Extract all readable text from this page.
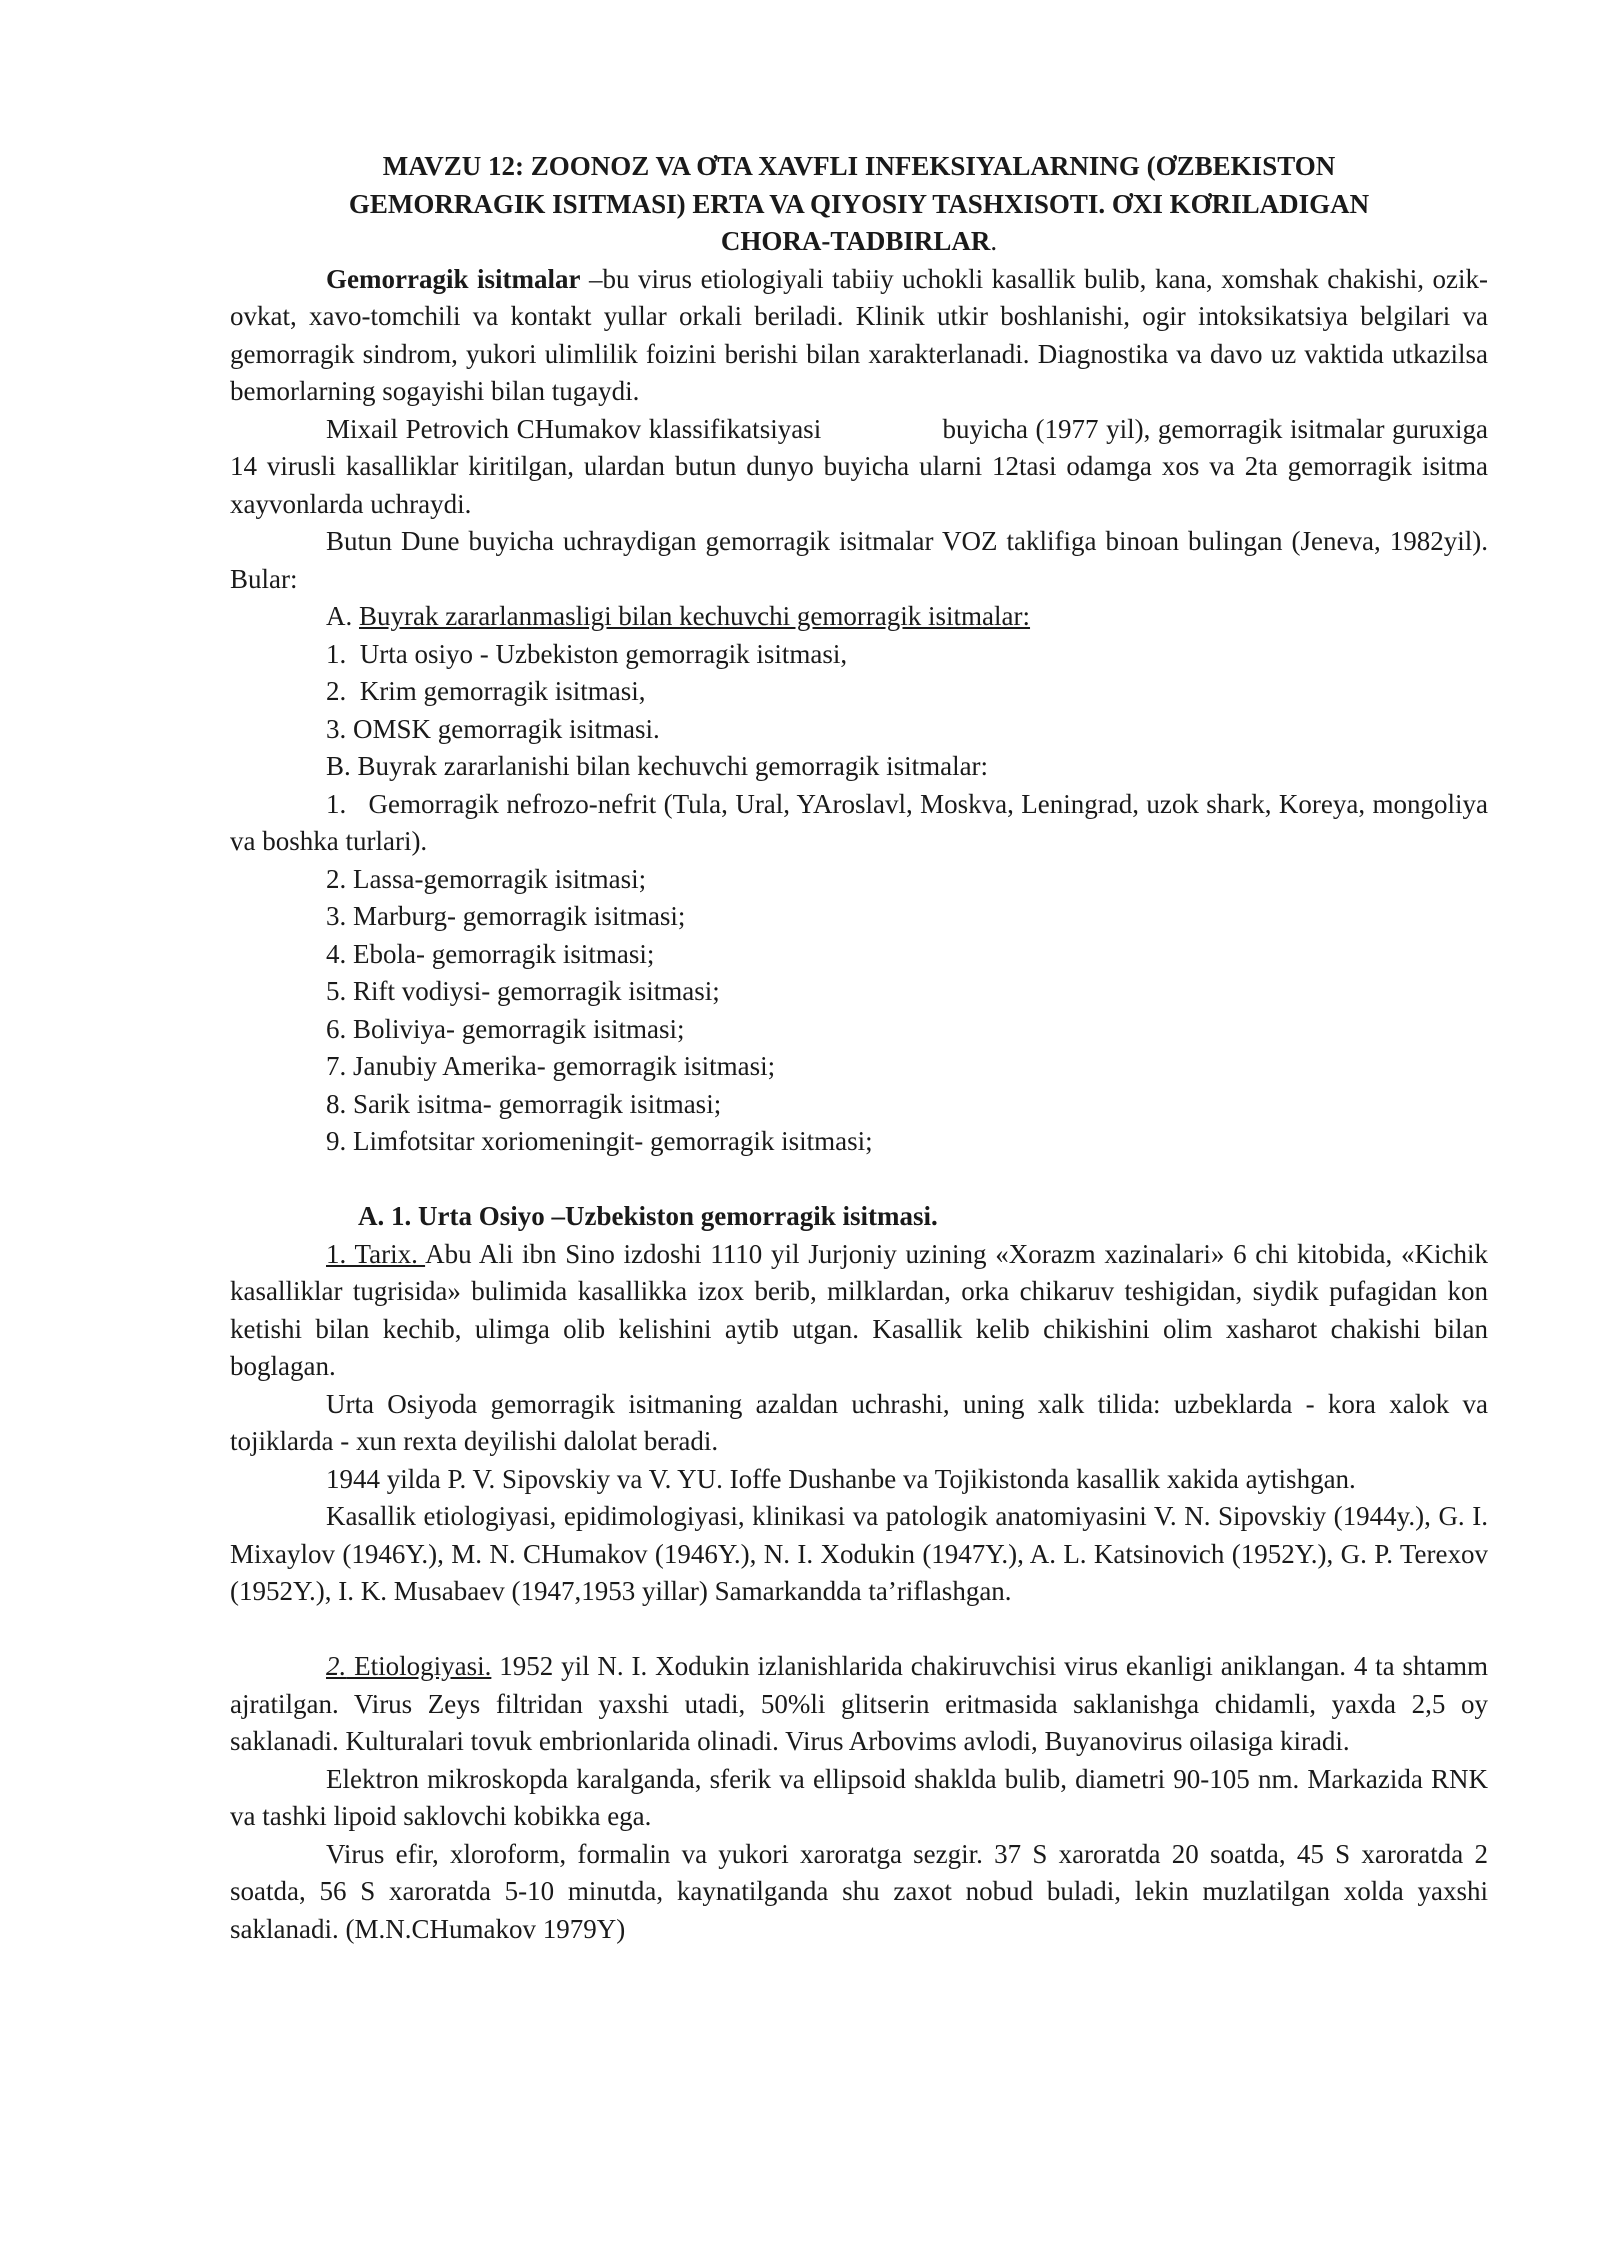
MAVZU 12: ZOONOZ VA ƠTA XAVFLI INFEKSIYALARNING (ƠZBEKISTON
GEMORRAGIK ISITMASI) ERTA VA QIYOSIY TASHXISOTI. ƠXI KƠRILADIGAN
CHORA-TADBIRLAR.

Gemorragik isitmalar –bu virus etiologiyali tabiiy uchokli kasallik bulib, kana, xomshak chakishi, ozik-ovkat, xavo-tomchili va kontakt yullar orkali beriladi. Klinik utkir boshlanishi, ogir intoksikatsiya belgilari va gemorragik sindrom, yukori ulimlilik foizini berishi bilan xarakterlanadi. Diagnostika va davo uz vaktida utkazilsa bemorlarning sogayishi bilan tugaydi.

Mixail Petrovich CHumakov klassifikatsiyasi                buyicha (1977 yil), gemorragik isitmalar guruxiga 14 virusli kasalliklar kiritilgan, ulardan butun dunyo buyicha ularni 12tasi odamga xos va 2ta gemorragik isitma xayvonlarda uchraydi.

Butun Dune buyicha uchraydigan gemorragik isitmalar VOZ taklifiga binoan bulingan (Jeneva, 1982yil). Bular:

A. Buyrak zararlanmasligi bilan kechuvchi gemorragik isitmalar:

1.  Urta osiyo - Uzbekiston gemorragik isitmasi,

2.  Krim gemorragik isitmasi,

3. OMSK gemorragik isitmasi.

B. Buyrak zararlanishi bilan kechuvchi gemorragik isitmalar:

1.   Gemorragik nefrozo-nefrit (Tula, Ural, YAroslavl, Moskva, Leningrad, uzok shark, Koreya, mongoliya va boshka turlari).

2. Lassa-gemorragik isitmasi;

3. Marburg- gemorragik isitmasi;

4. Ebola- gemorragik isitmasi;

5. Rift vodiysi- gemorragik isitmasi;

6. Boliviya- gemorragik isitmasi;

7. Janubiy Amerika- gemorragik isitmasi;

8. Sarik isitma- gemorragik isitmasi;

9. Limfotsitar xoriomeningit- gemorragik isitmasi;

A. 1. Urta Osiyo –Uzbekiston gemorragik isitmasi.

1. Tarix. Abu Ali ibn Sino izdoshi 1110 yil Jurjoniy uzining «Xorazm xazinalari» 6 chi kitobida, «Kichik kasalliklar tugrisida» bulimida kasallikka izox berib, milklardan, orka chikaruv teshigidan, siydik pufagidan kon ketishi bilan kechib, ulimga olib kelishini aytib utgan. Kasallik kelib chikishini olim xasharot chakishi bilan boglagan.

Urta Osiyoda gemorragik isitmaning azaldan uchrashi, uning xalk tilida: uzbeklarda - kora xalok va tojiklarda - xun rexta deyilishi dalolat beradi.

1944 yilda P. V. Sipovskiy va V. YU. Ioffe Dushanbe va Tojikistonda kasallik xakida aytishgan.

Kasallik etiologiyasi, epidimologiyasi, klinikasi va patologik anatomiyasini V. N. Sipovskiy (1944y.), G. I. Mixaylov (1946Y.), M. N. CHumakov (1946Y.), N. I. Xodukin (1947Y.), A. L. Katsinovich (1952Y.), G. P. Terexov (1952Y.), I. K. Musabaev (1947,1953 yillar) Samarkandda ta’riflashgan.

2. Etiologiyasi. 1952 yil N. I. Xodukin izlanishlarida chakiruvchisi virus ekanligi aniklangan. 4 ta shtamm ajratilgan. Virus Zeys filtridan yaxshi utadi, 50%li glitserin eritmasida saklanishga chidamli, yaxda 2,5 oy saklanadi. Kulturalari tovuk embrionlarida olinadi. Virus Arbovims avlodi, Buyanovirus oilasiga kiradi.

Elektron mikroskopda karalganda, sferik va ellipsoid shaklda bulib, diametri 90-105 nm. Markazida RNK va tashki lipoid saklovchi kobikka ega.

Virus efir, xloroform, formalin va yukori xaroratga sezgir. 37 S xaroratda 20 soatda, 45 S xaroratda 2 soatda, 56 S xaroratda 5-10 minutda, kaynatilganda shu zaxot nobud buladi, lekin muzlatilgan xolda yaxshi saklanadi. (M.N.CHumakov 1979Y)
